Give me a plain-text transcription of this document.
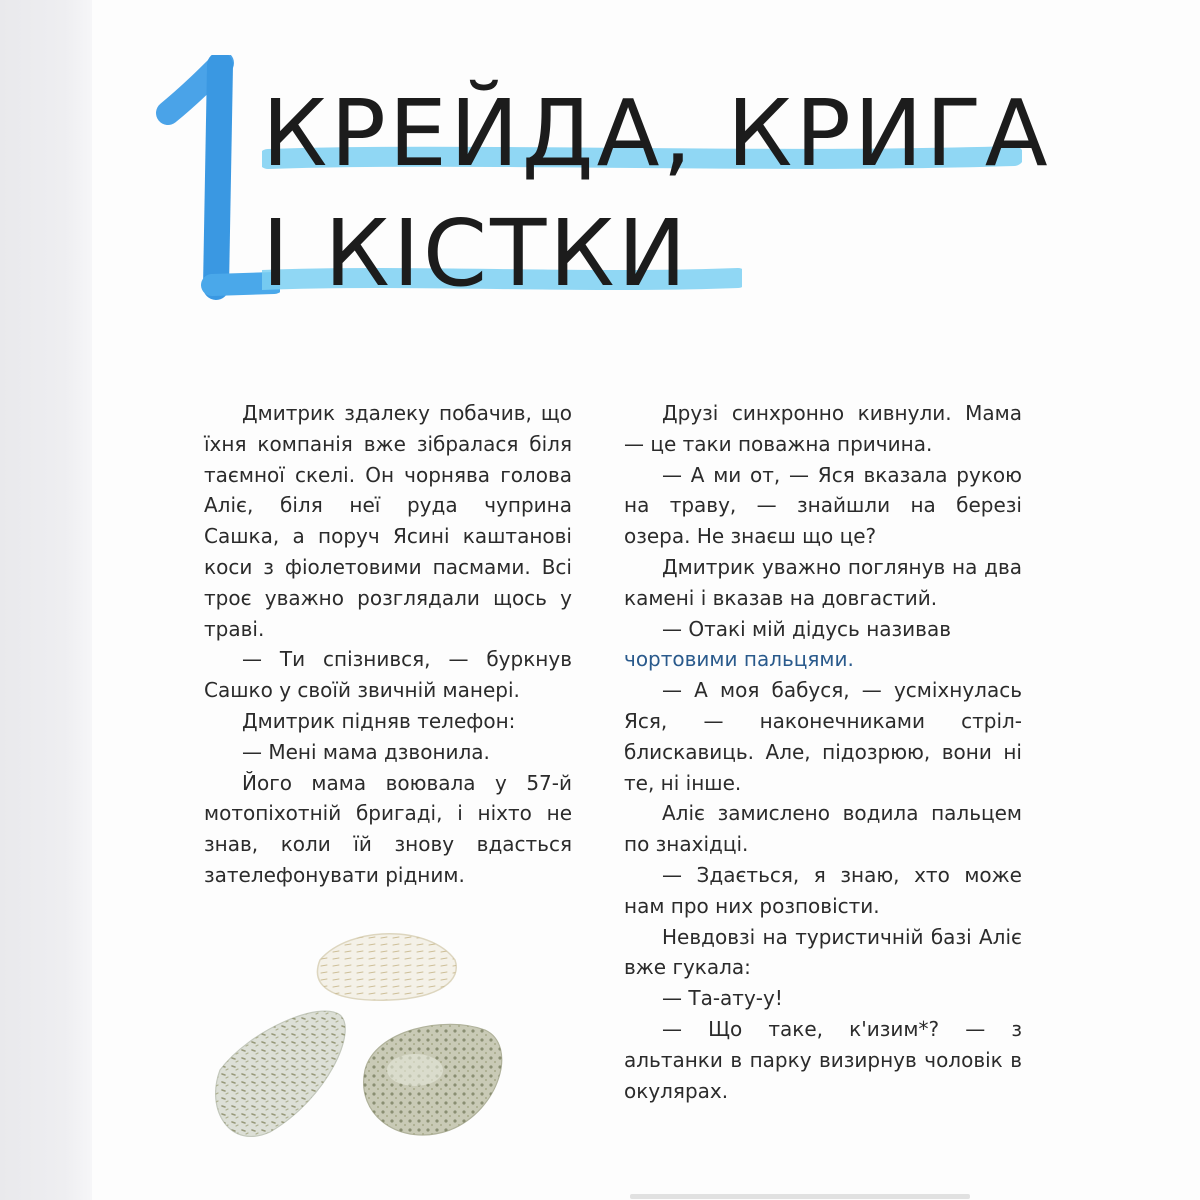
КРЕЙДА, КРИГА
І КІСТКИ

Дмитрик здалеку побачив, що їхня компанія вже зібралася біля таємної скелі. Он чорнява голова Аліє, біля неї руда чуприна Сашка, а поруч Ясині каштанові коси з фіолетовими пасмами. Всі троє уважно розглядали щось у траві.

— Ти спізнився, — буркнув Сашко у своїй звичній манері.

Дмитрик підняв телефон:

— Мені мама дзвонила.

Його мама воювала у 57-й мотопіхотній бригаді, і ніхто не знав, коли їй знову вдасться зателефонувати рідним.

Друзі синхронно кивнули. Мама — це таки поважна причина.

— А ми от, — Яся вказала рукою на траву, — знайшли на березі озера. Не знаєш що це?

Дмитрик уважно поглянув на два камені і вказав на довгастий.

— Отакі мій дідусь називав
чортовими пальцями.

— А моя бабуся, — усміхнулась Яся, — наконечниками стріл-блискавиць. Але, підозрюю, вони ні те, ні інше.

Аліє замислено водила пальцем по знахідці.

— Здається, я знаю, хто може нам про них розповісти.

Невдовзі на туристичній базі Аліє вже гукала:

— Та-ату-у!

— Що таке, к'изим*? — з альтанки в парку визирнув чоловік в окулярах.
